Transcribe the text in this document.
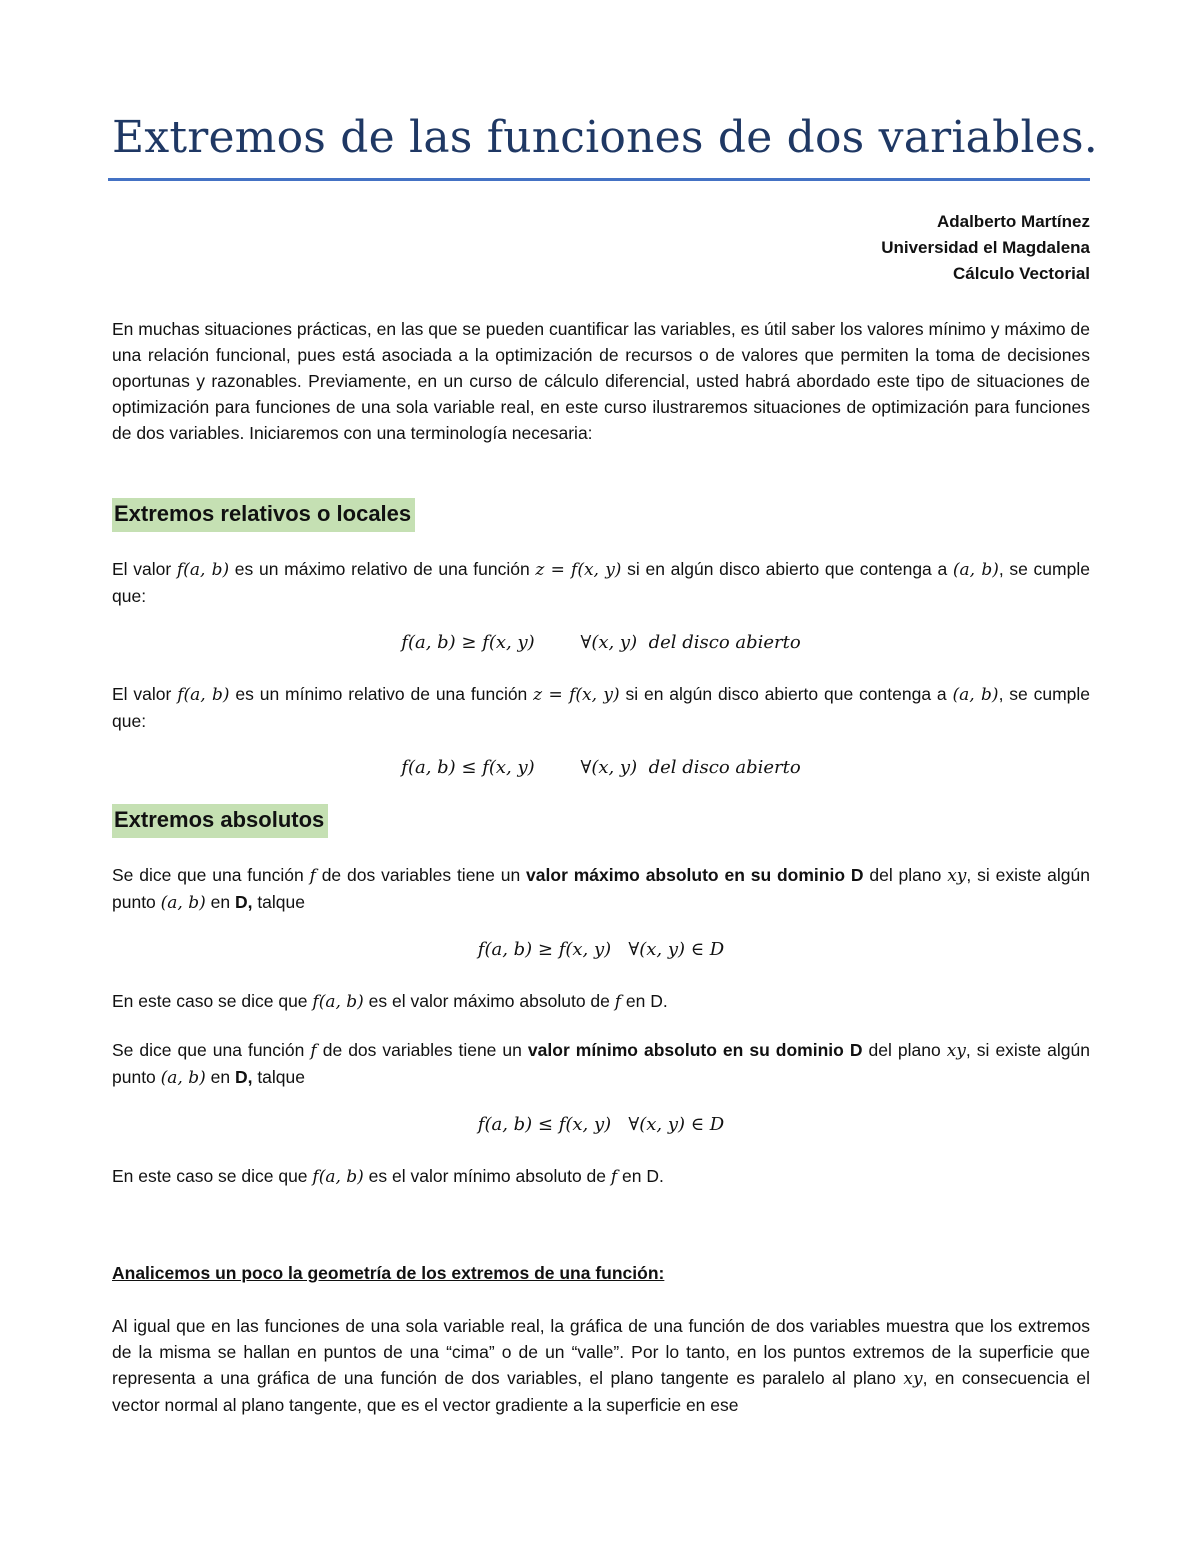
Extremos de las funciones de dos variables.
Adalberto Martínez
Universidad el Magdalena
Cálculo Vectorial
En muchas situaciones prácticas, en las que se pueden cuantificar las variables, es útil saber los valores mínimo y máximo de una relación funcional, pues está asociada a la optimización de recursos o de valores que permiten la toma de decisiones oportunas y razonables. Previamente, en un curso de cálculo diferencial, usted habrá abordado este tipo de situaciones de optimización para funciones de una sola variable real, en este curso ilustraremos situaciones de optimización para funciones de dos variables. Iniciaremos con una terminología necesaria:
Extremos relativos o locales
El valor f(a, b) es un máximo relativo de una función z = f(x, y) si en algún disco abierto que contenga a (a, b), se cumple que:
f(a, b) ≥ f(x, y)        ∀(x, y)  del disco abierto
El valor f(a, b) es un mínimo relativo de una función z = f(x, y) si en algún disco abierto que contenga a (a, b), se cumple que:
f(a, b) ≤ f(x, y)        ∀(x, y)  del disco abierto
Extremos absolutos
Se dice que una función f de dos variables tiene un valor máximo absoluto en su dominio D del plano xy, si existe algún punto (a, b) en D, talque
f(a, b) ≥ f(x, y)   ∀(x, y) ∈ D
En este caso se dice que f(a, b) es el valor máximo absoluto de f en D.
Se dice que una función f de dos variables tiene un valor mínimo absoluto en su dominio D del plano xy, si existe algún punto (a, b) en D, talque
f(a, b) ≤ f(x, y)   ∀(x, y) ∈ D
En este caso se dice que f(a, b) es el valor mínimo absoluto de f en D.
Analicemos un poco la geometría de los extremos de una función:
Al igual que en las funciones de una sola variable real, la gráfica de una función de dos variables muestra que los extremos de la misma se hallan en puntos de una “cima” o de un “valle”. Por lo tanto, en los puntos extremos de la superficie que representa a una gráfica de una función de dos variables, el plano tangente es paralelo al plano xy, en consecuencia el vector normal al plano tangente, que es el vector gradiente a la superficie en ese
